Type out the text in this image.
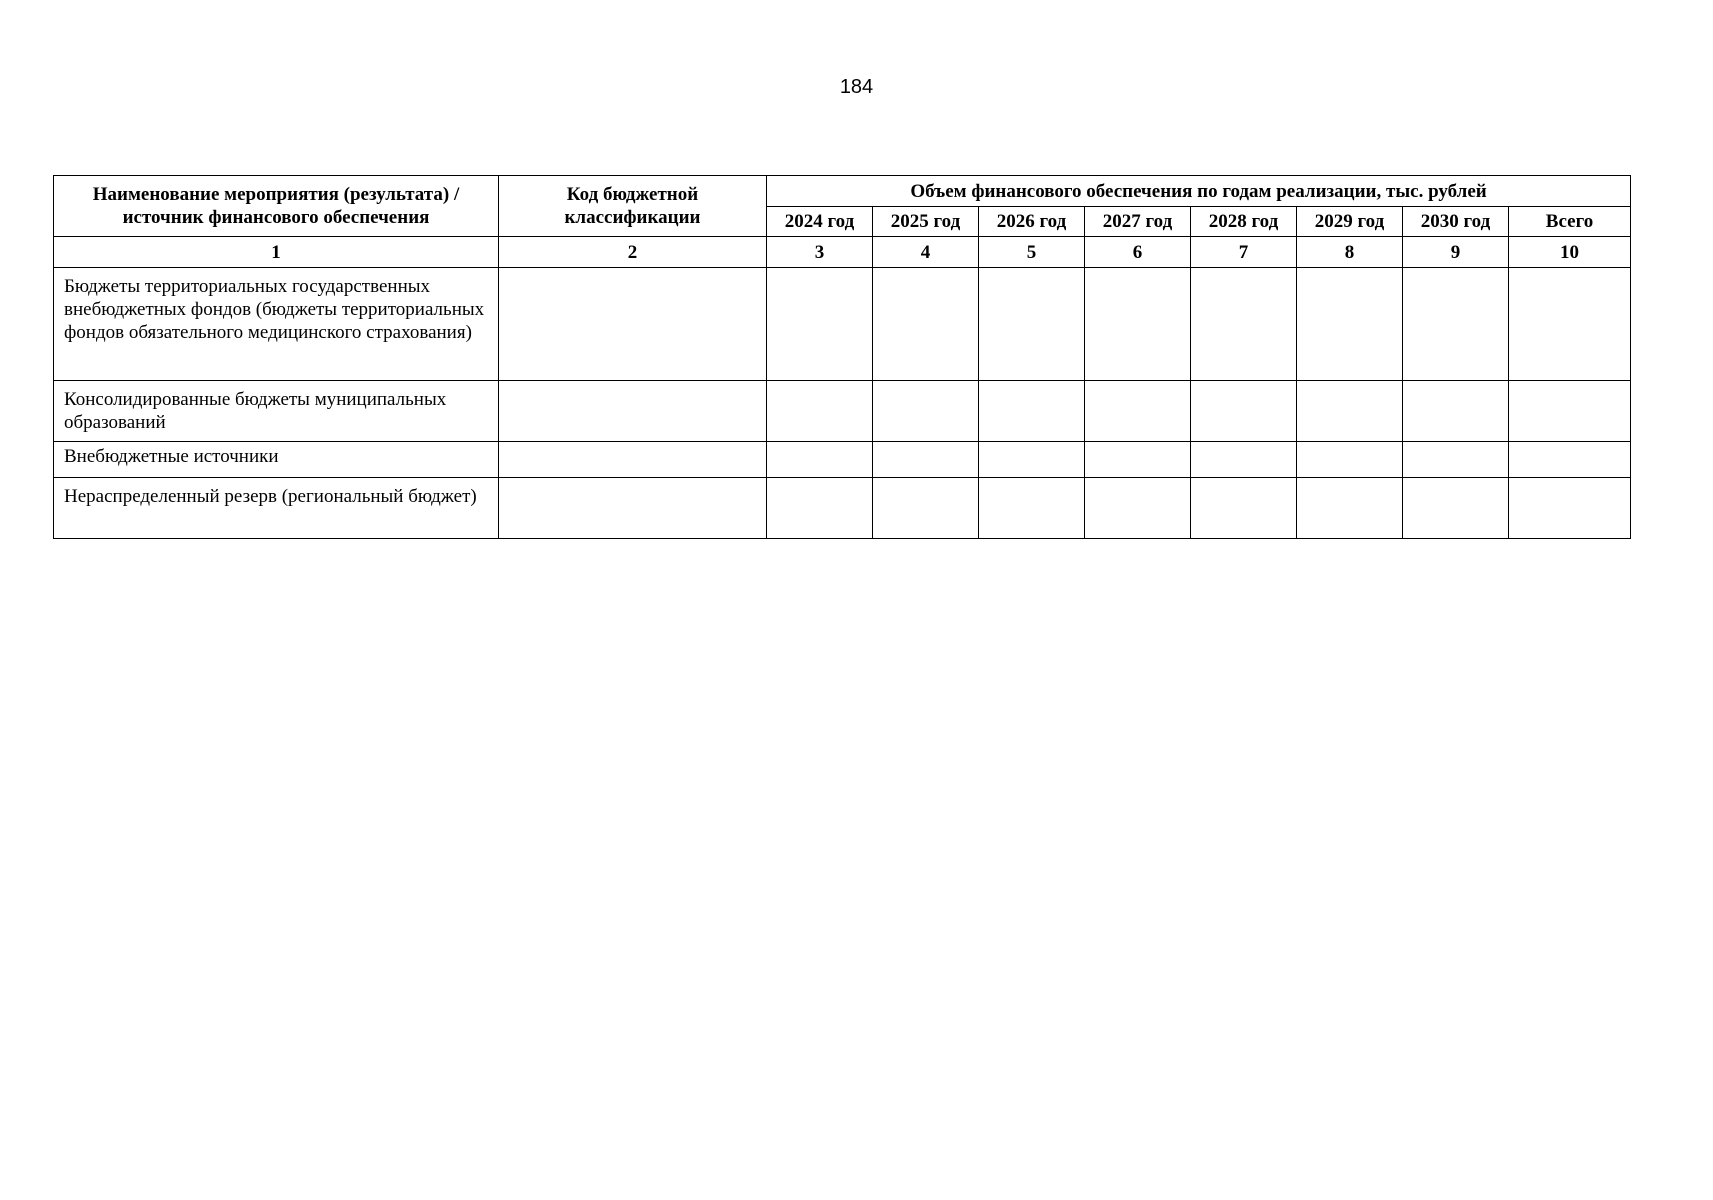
184
Наименование мероприятия (результата) / источник финансового обеспечения	Код бюджетной классификации	Объем финансового обеспечения по годам реализации, тыс. рублей							
		2024 год	2025 год	2026 год	2027 год	2028 год	2029 год	2030 год	Всего
1	2	3	4	5	6	7	8	9	10
Бюджеты территориальных государственных внебюджетных фондов (бюджеты территориальных фондов обязательного медицинского страхования)									
Консолидированные бюджеты муниципальных образований									
Внебюджетные источники									
Нераспределенный резерв (региональный бюджет)									
